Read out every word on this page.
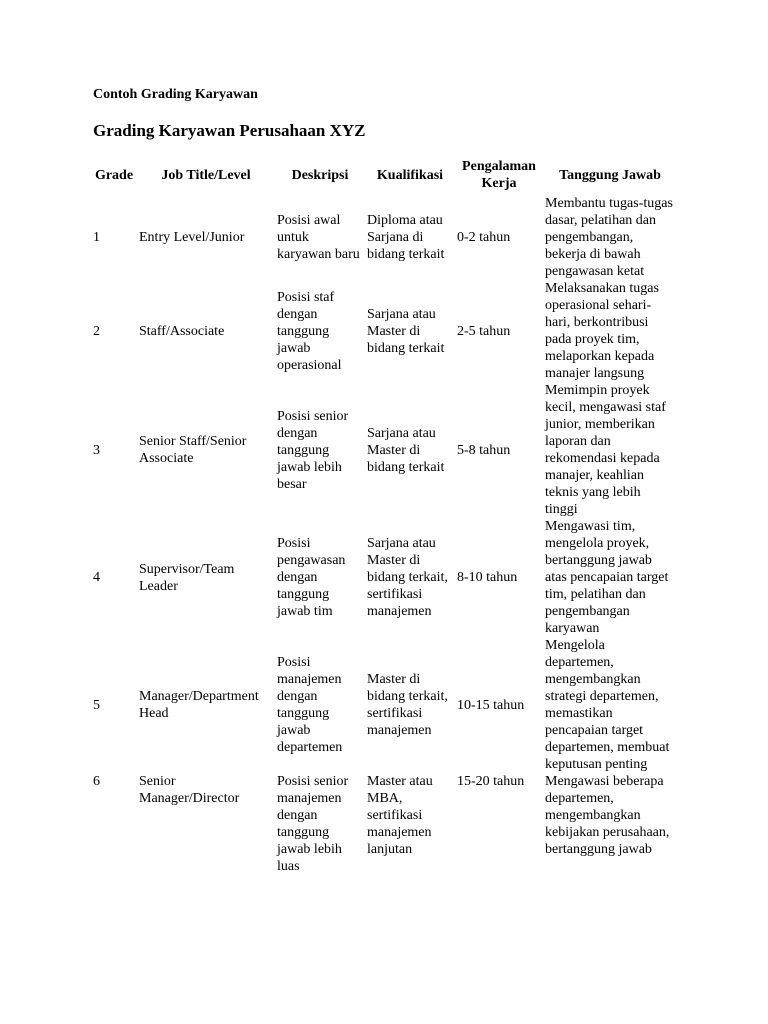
Contoh Grading Karyawan
Grading Karyawan Perusahaan XYZ
Grade	Job Title/Level	Deskripsi	Kualifikasi	Pengalaman Kerja	Tanggung Jawab
1	Entry Level/Junior	Posisi awal untuk karyawan baru	Diploma atau Sarjana di bidang terkait	0-2 tahun	Membantu tugas-tugas dasar, pelatihan dan pengembangan, bekerja di bawah pengawasan ketat
2	Staff/Associate	Posisi staf dengan tanggung jawab operasional	Sarjana atau Master di bidang terkait	2-5 tahun	Melaksanakan tugas operasional sehari-hari, berkontribusi pada proyek tim, melaporkan kepada manajer langsung
3	Senior Staff/Senior Associate	Posisi senior dengan tanggung jawab lebih besar	Sarjana atau Master di bidang terkait	5-8 tahun	Memimpin proyek kecil, mengawasi staf junior, memberikan laporan dan rekomendasi kepada manajer, keahlian teknis yang lebih tinggi
4	Supervisor/Team Leader	Posisi pengawasan dengan tanggung jawab tim	Sarjana atau Master di bidang terkait, sertifikasi manajemen	8-10 tahun	Mengawasi tim, mengelola proyek, bertanggung jawab atas pencapaian target tim, pelatihan dan pengembangan karyawan
5	Manager/Department Head	Posisi manajemen dengan tanggung jawab departemen	Master di bidang terkait, sertifikasi manajemen	10-15 tahun	Mengelola departemen, mengembangkan strategi departemen, memastikan pencapaian target departemen, membuat keputusan penting
6	Senior Manager/Director	Posisi senior manajemen dengan tanggung jawab lebih luas	Master atau MBA, sertifikasi manajemen lanjutan	15-20 tahun	Mengawasi beberapa departemen, mengembangkan kebijakan perusahaan, bertanggung jawab
